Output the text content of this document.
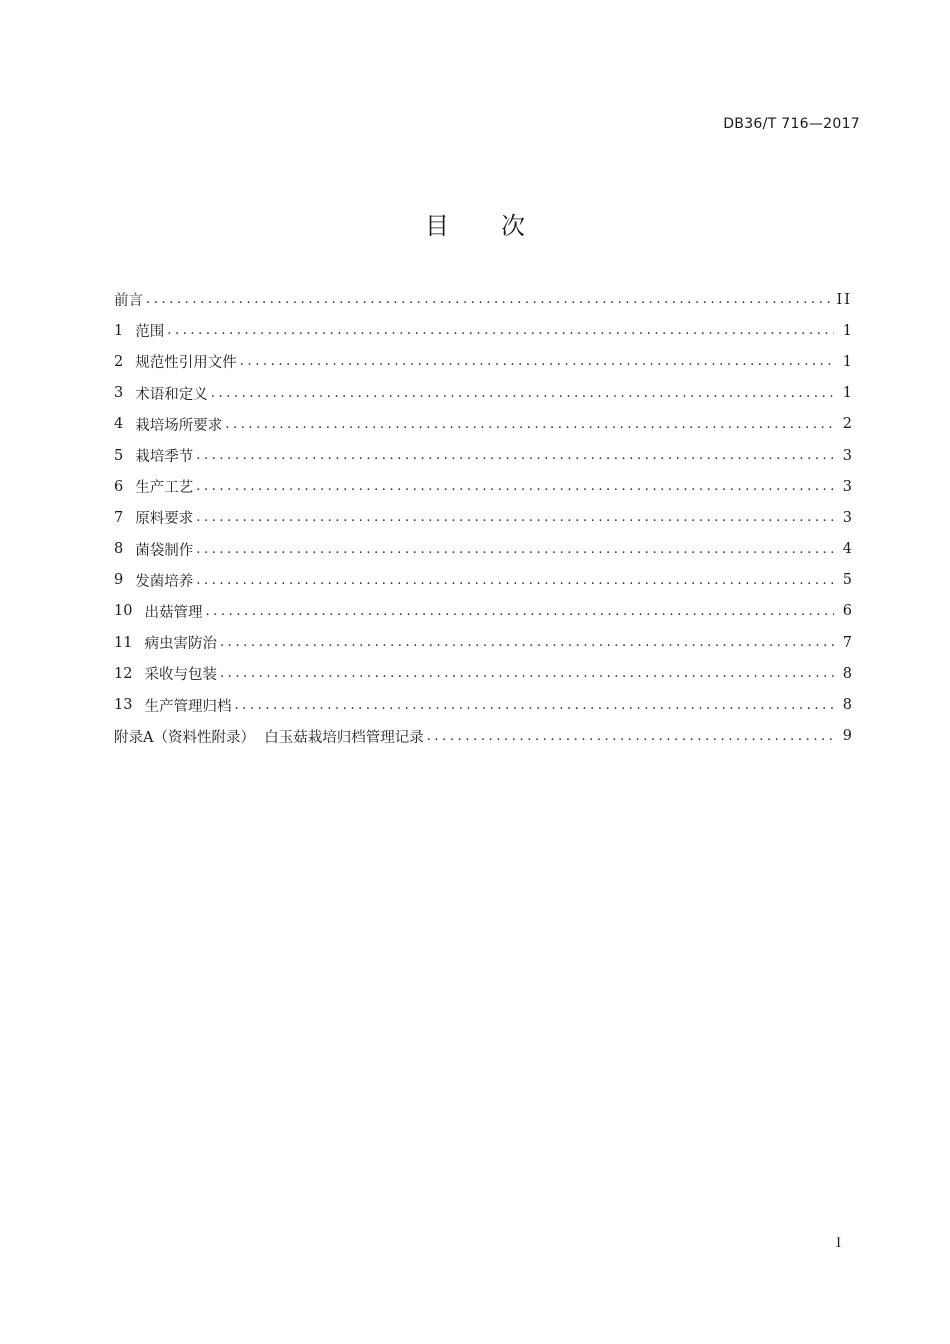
DB36/T 716—2017
目 次
前言 .....	II
1 范围 .....	1
2 规范性引用文件 .....	1
3 术语和定义 .....	1
4 栽培场所要求 .....	2
5 栽培季节 .....	3
6 生产工艺 .....	3
7 原料要求 .....	3
8 菌袋制作 .....	4
9 发菌培养 .....	5
10 出菇管理 .....	6
11 病虫害防治 .....	7
12 采收与包装 .....	8
13 生产管理归档 .....	8
附录A（资料性附录）  白玉菇栽培归档管理记录 .....	9
I
